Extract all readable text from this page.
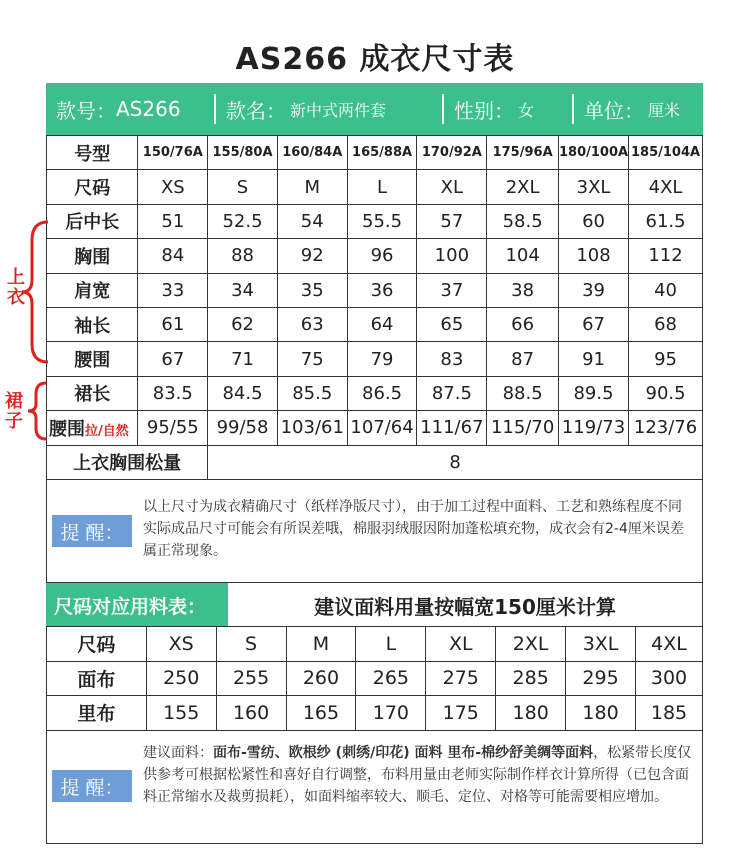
AS266 成衣尺寸表
款号： AS266 款名： 新中式两件套	性别： 女 单位： 厘米
号型	150/76A	155/80A	160/84A	165/88A	170/92A	175/96A	180/100A	185/104A
尺码	XS	S	M	L	XL	2XL	3XL	4XL
后中长	51	52.5	54	55.5	57	58.5	60	61.5
胸围	84	88	92	96	100	104	108	112
肩宽	33	34	35	36	37	38	39	40
袖长	61	62	63	64	65	66	67	68
腰围	67	71	75	79	83	87	91	95
裙长	83.5	84.5	85.5	86.5	87.5	88.5	89.5	90.5
腰围拉/自然	95/55	99/58	103/61	107/64	111/67	115/70	119/73	123/76
上衣胸围松量		8						
上衣
裙子
提 醒：
以上尺寸为成衣精确尺寸（纸样净版尺寸），由于加工过程中面料、工艺和熟练程度不同实际成品尺寸可能会有所误差哦，棉服羽绒服因附加蓬松填充物，成衣会有2-4厘米误差属正常现象。
尺码对应用料表：	建议面料用量按幅宽150厘米计算
尺码	XS	S	M	L	XL	2XL	3XL	4XL
面布	250	255	260	265	275	285	295	300
里布	155	160	165	170	175	180	180	185
提 醒：
建议面料：面布-雪纺、欧根纱 (刺绣/印花) 面料 里布-棉纱舒美绸等面料，松紧带长度仅供参考可根据松紧性和喜好自行调整，布料用量由老师实际制作样衣计算所得（已包含面料正常缩水及裁剪损耗），如面料缩率较大、顺毛、定位、对格等可能需要相应增加。
